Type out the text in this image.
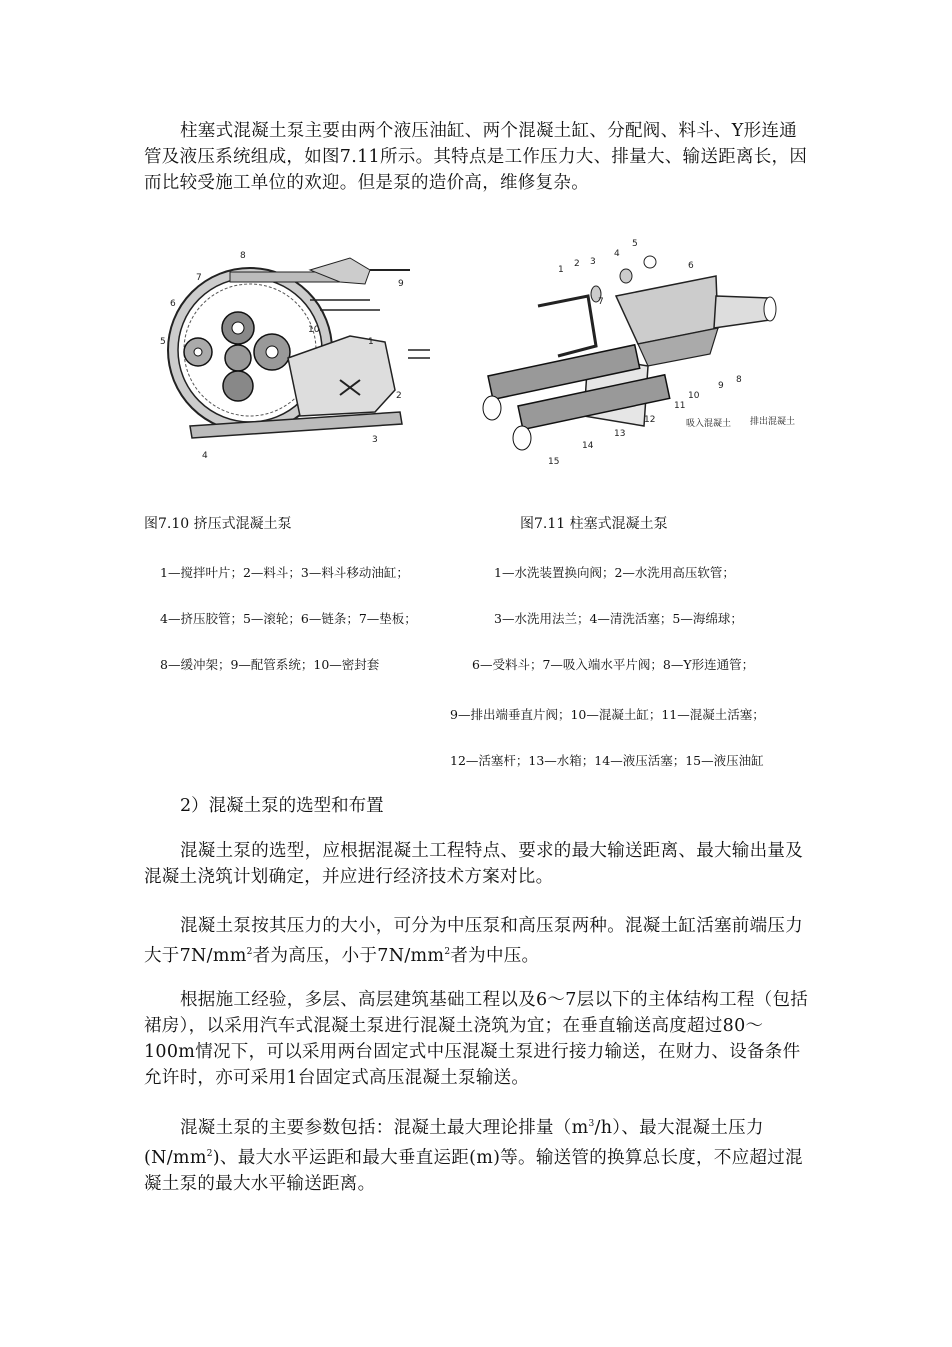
柱塞式混凝土泵主要由两个液压油缸、两个混凝土缸、分配阀、料斗、Y形连通管及液压系统组成，如图7.11所示。其特点是工作压力大、排量大、输送距离长，因而比较受施工单位的欢迎。但是泵的造价高，维修复杂。

1
2
3
4
5
6
7
8
9
10
1
2 3
4
5
6
7
8
9
10
11
12
13
14
15
吸入混凝土 排出混凝土
图7.10 挤压式混凝土泵	图7.11 柱塞式混凝土泵
1—搅拌叶片；2—料斗；3—料斗移动油缸；
4—挤压胶管；5—滚轮；6—链条；7—垫板；
8—缓冲架；9—配管系统；10—密封套
1—水洗装置换向阀；2—水洗用高压软管；
3—水洗用法兰；4—清洗活塞；5—海绵球；
6—受料斗；7—吸入端水平片阀；8—Y形连通管；
9—排出端垂直片阀；10—混凝土缸；11—混凝土活塞；
12—活塞杆；13—水箱；14—液压活塞；15—液压油缸
2）混凝土泵的选型和布置

混凝土泵的选型，应根据混凝土工程特点、要求的最大输送距离、最大输出量及混凝土浇筑计划确定，并应进行经济技术方案对比。

混凝土泵按其压力的大小，可分为中压泵和高压泵两种。混凝土缸活塞前端压力大于$7N/mm^2$者为高压，小于$7N/mm^2$者为中压。

根据施工经验，多层、高层建筑基础工程以及6～7层以下的主体结构工程（包括裙房），以采用汽车式混凝土泵进行混凝土浇筑为宜；在垂直输送高度超过80～100m情况下，可以采用两台固定式中压混凝土泵进行接力输送，在财力、设备条件允许时，亦可采用1台固定式高压混凝土泵输送。

混凝土泵的主要参数包括：混凝土最大理论排量$(m^3/h)$、最大混凝土压力$(N/mm^2)$、最大水平运距和最大垂直运距(m)等。输送管的换算总长度，不应超过混凝土泵的最大水平输送距离。
